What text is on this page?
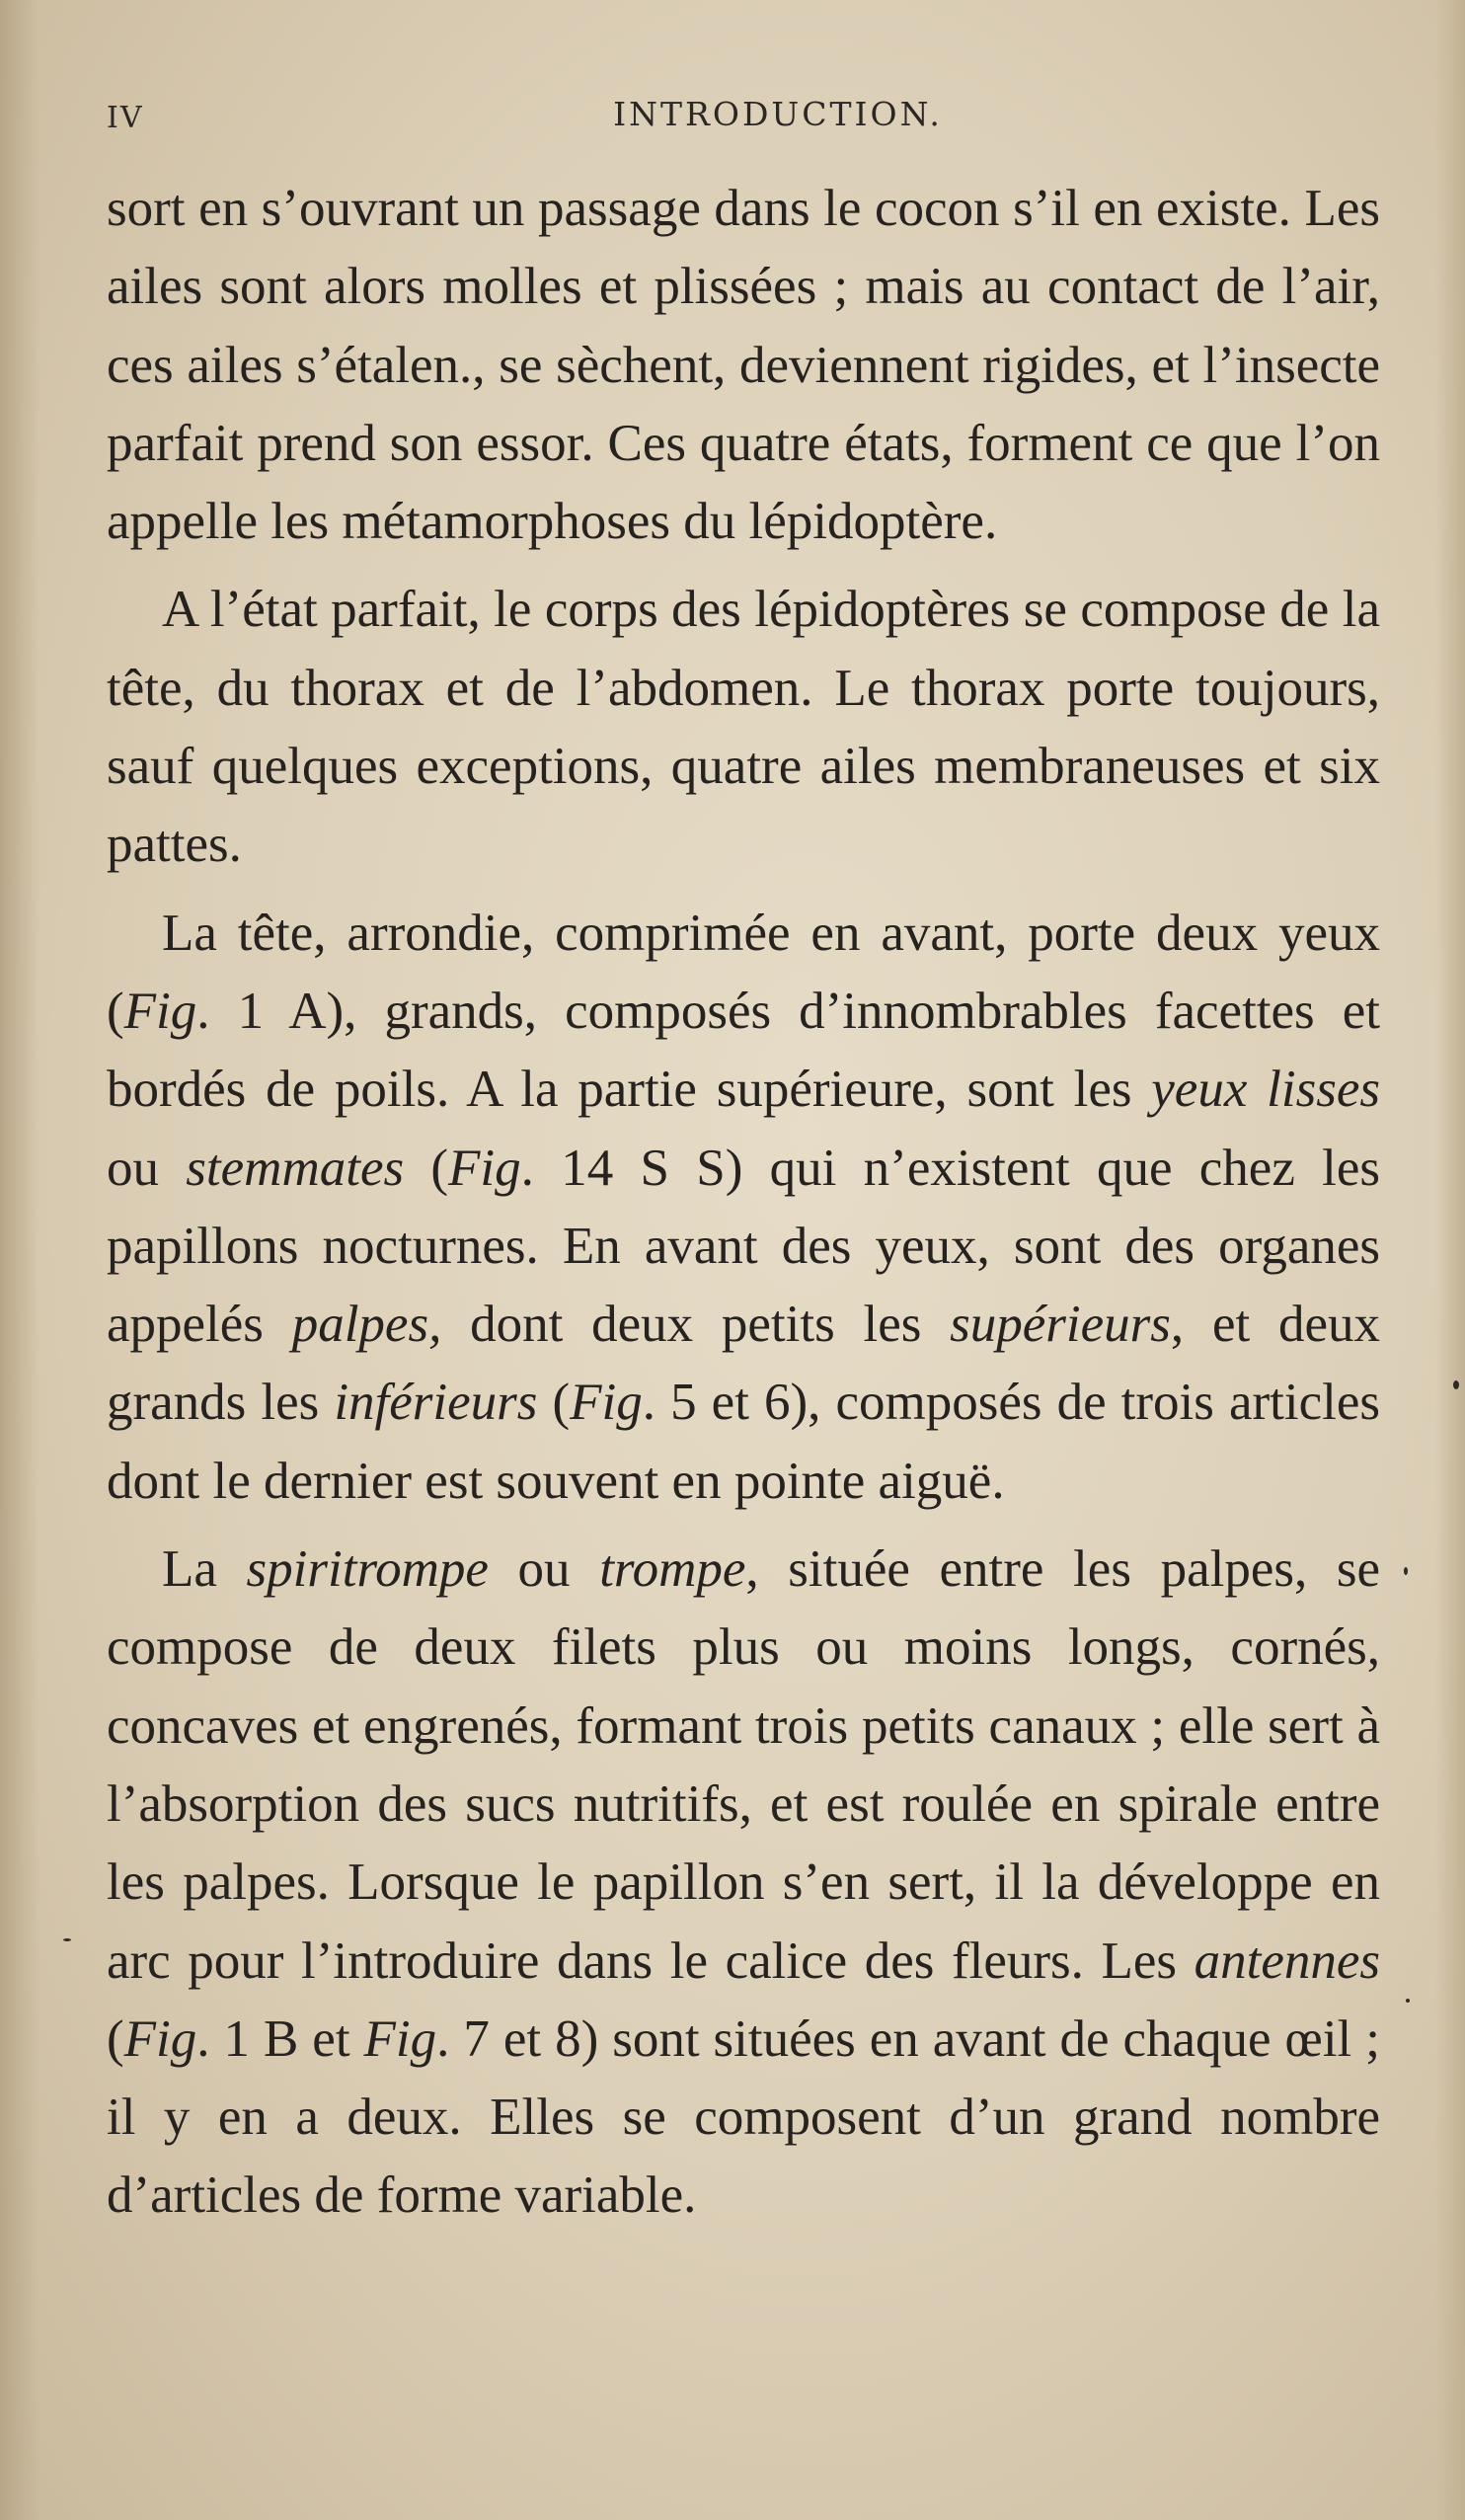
IV	INTRODUCTION.

sort en s’ouvrant un passage dans le cocon s’il en existe. Les ailes sont alors molles et plissées ; mais au contact de l’air, ces ailes s’étalen., se sèchent, deviennent rigides, et l’insecte parfait prend son essor. Ces quatre états, forment ce que l’on appelle les métamorphoses du lépidoptère.

A l’état parfait, le corps des lépidoptères se compose de la tête, du thorax et de l’abdomen. Le thorax porte toujours, sauf quelques exceptions, quatre ailes membraneuses et six pattes.

La tête, arrondie, comprimée en avant, porte deux yeux (Fig. 1 A), grands, composés d’innombrables facettes et bordés de poils. A la partie supérieure, sont les yeux lisses ou stemmates (Fig. 14 S S) qui n’existent que chez les papillons nocturnes. En avant des yeux, sont des organes appelés palpes, dont deux petits les supérieurs, et deux grands les inférieurs (Fig. 5 et 6), composés de trois articles dont le dernier est souvent en pointe aiguë.

La spiritrompe ou trompe, située entre les palpes, se compose de deux filets plus ou moins longs, cornés, concaves et engrenés, formant trois petits canaux ; elle sert à l’absorption des sucs nutritifs, et est roulée en spirale entre les palpes. Lorsque le papillon s’en sert, il la développe en arc pour l’introduire dans le calice des fleurs. Les antennes (Fig. 1 B et Fig. 7 et 8) sont situées en avant de chaque œil ; il y en a deux. Elles se composent d’un grand nombre d’articles de forme variable.
